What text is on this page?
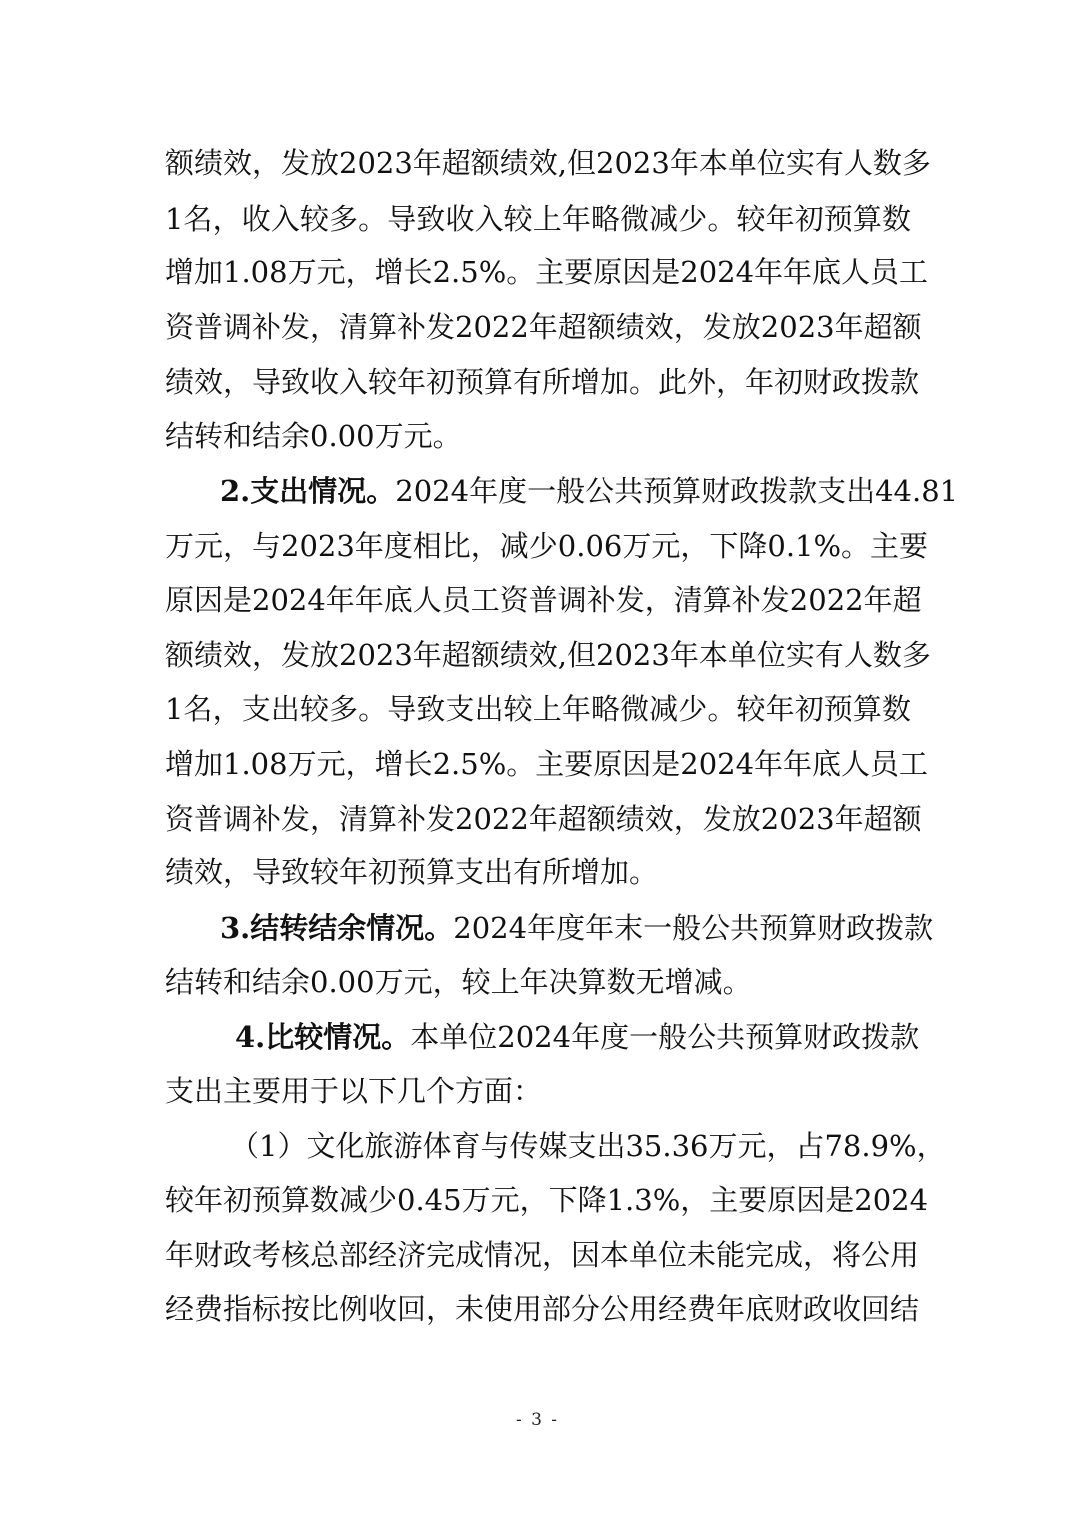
额绩效，发放2023年超额绩效,但2023年本单位实有人数多
1名，收入较多。导致收入较上年略微减少。较年初预算数
增加1.08万元，增长2.5%。主要原因是2024年年底人员工
资普调补发，清算补发2022年超额绩效，发放2023年超额
绩效，导致收入较年初预算有所增加。此外，年初财政拨款
结转和结余0.00万元。
2.支出情况。2024年度一般公共预算财政拨款支出44.81
万元，与2023年度相比，减少0.06万元，下降0.1%。主要
原因是2024年年底人员工资普调补发，清算补发2022年超
额绩效，发放2023年超额绩效,但2023年本单位实有人数多
1名，支出较多。导致支出较上年略微减少。较年初预算数
增加1.08万元，增长2.5%。主要原因是2024年年底人员工
资普调补发，清算补发2022年超额绩效，发放2023年超额
绩效，导致较年初预算支出有所增加。
3.结转结余情况。2024年度年末一般公共预算财政拨款
结转和结余0.00万元，较上年决算数无增减。
4.比较情况。本单位2024年度一般公共预算财政拨款
支出主要用于以下几个方面：
（1）文化旅游体育与传媒支出35.36万元，占78.9%，
较年初预算数减少0.45万元，下降1.3%，主要原因是2024
年财政考核总部经济完成情况，因本单位未能完成，将公用
经费指标按比例收回，未使用部分公用经费年底财政收回结
- 3 -
